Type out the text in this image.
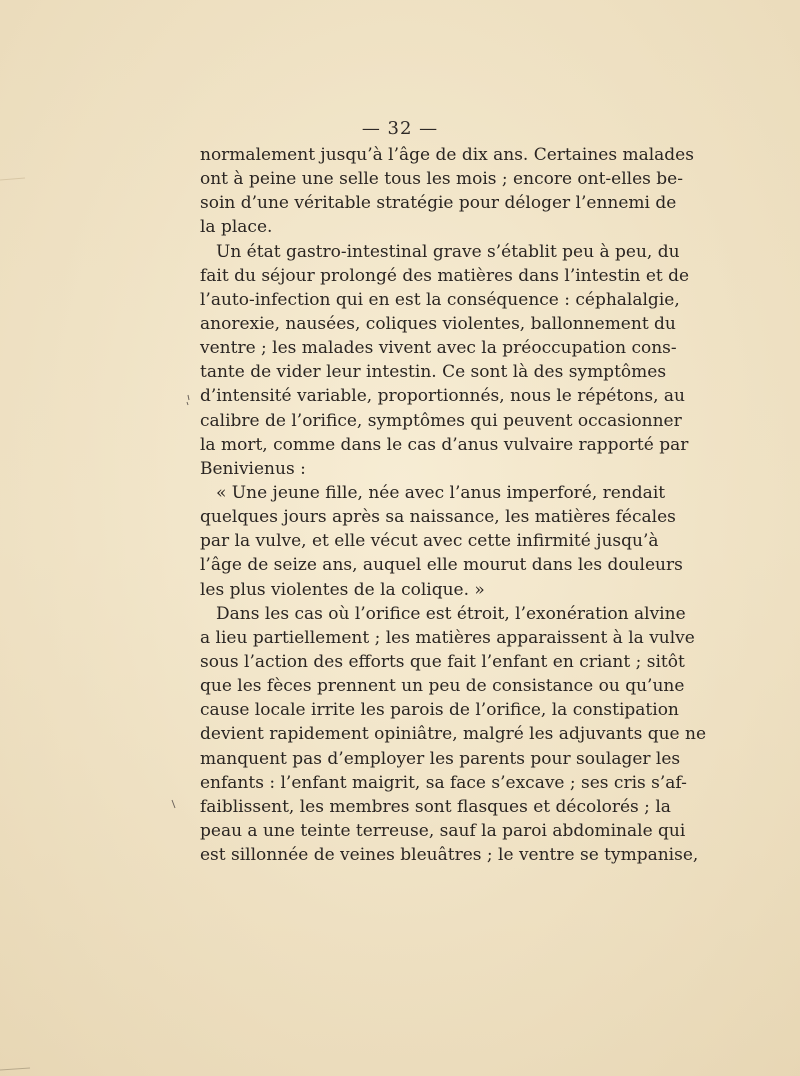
— 32 —
normalement jusqu’à l’âge de dix ans. Certaines malades
ont à peine une selle tous les mois ; encore ont-elles be-
soin d’une véritable stratégie pour déloger l’ennemi de
la place.
Un état gastro-intestinal grave s’établit peu à peu, du
fait du séjour prolongé des matières dans l’intestin et de
l’auto-infection qui en est la conséquence : céphalalgie,
anorexie, nausées, coliques violentes, ballonnement du
ventre ; les malades vivent avec la préoccupation cons-
tante de vider leur intestin. Ce sont là des symptômes
d’intensité variable, proportionnés, nous le répétons, au
calibre de l’orifice, symptômes qui peuvent occasionner
la mort, comme dans le cas d’anus vulvaire rapporté par
Benivienus :
« Une jeune fille, née avec l’anus imperforé, rendait
quelques jours après sa naissance, les matières fécales
par la vulve, et elle vécut avec cette infirmité jusqu’à
l’âge de seize ans, auquel elle mourut dans les douleurs
les plus violentes de la colique. »
Dans les cas où l’orifice est étroit, l’exonération alvine
a lieu partiellement ; les matières apparaissent à la vulve
sous l’action des efforts que fait l’enfant en criant ; sitôt
que les fèces prennent un peu de consistance ou qu’une
cause locale irrite les parois de l’orifice, la constipation
devient rapidement opiniâtre, malgré les adjuvants que ne
manquent pas d’employer les parents pour soulager les
enfants : l’enfant maigrit, sa face s’excave ; ses cris s’af-
faiblissent, les membres sont flasques et décolorés ; la
peau a une teinte terreuse, sauf la paroi abdominale qui
est sillonnée de veines bleuâtres ; le ventre se tympanise,
